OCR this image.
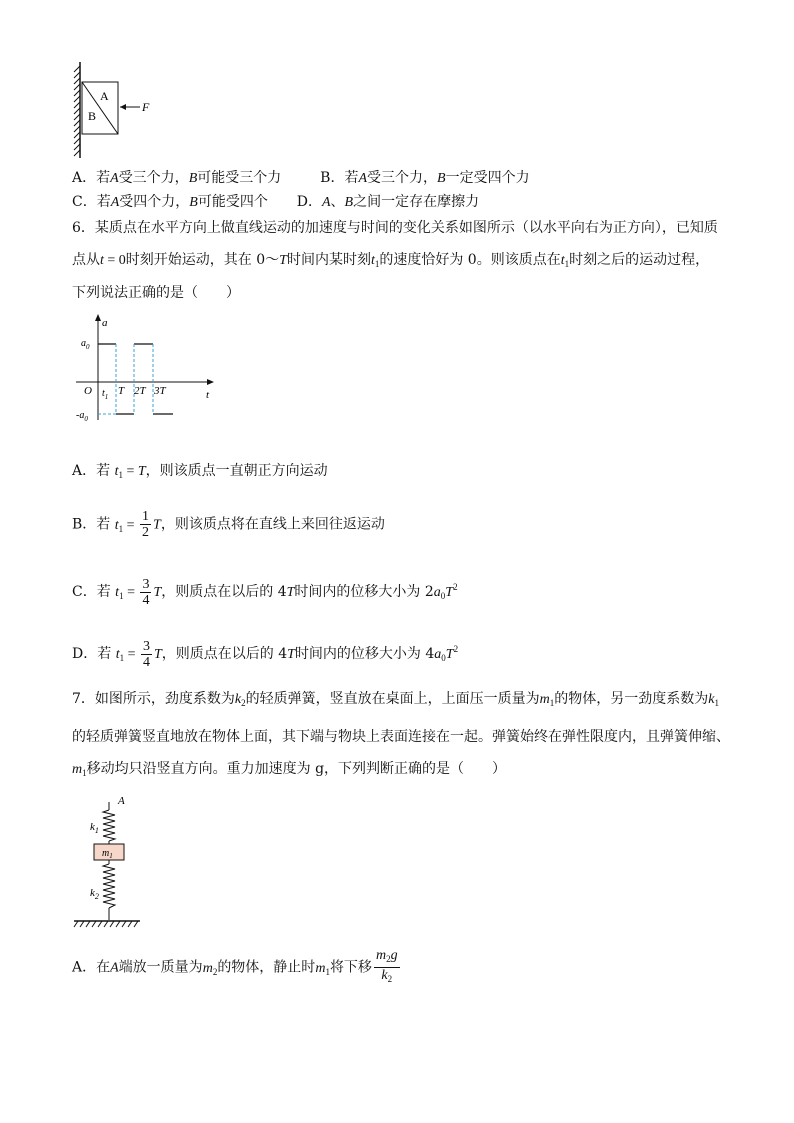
A
B
F
A．若A受三个力，B可能受三个力	B．若A受三个力，B一定受四个力
C．若A受四个力，B可能受四个 D．A、B之间一定存在摩擦力
6．某质点在水平方向上做直线运动的加速度与时间的变化关系如图所示（以水平向右为正方向），已知质
点从t = 0时刻开始运动，其在 0～T时间内某时刻$t_1$的速度恰好为 0。则该质点在$t_1$时刻之后的运动过程，
下列说法正确的是（　　）
a
$a_0$
$-a_0$
O $t_1$ T 2T 3T	t
A．若 $t_1 = T$，则该质点一直朝正方向运动
B．若 $t_1 = \frac{1}{2}$ T，则该质点将在直线上来回往返运动
C．若 $t_1 = \frac{3}{4}$ T，则质点在以后的 4T时间内的位移大小为 $2a_0T^2$
D．若 $t_1 = \frac{3}{4}$ T，则质点在以后的 4T时间内的位移大小为 $4a_0T^2$
7．如图所示，劲度系数为$k_2$的轻质弹簧，竖直放在桌面上，上面压一质量为$m_1$的物体，另一劲度系数为$k_1$
的轻质弹簧竖直地放在物体上面，其下端与物块上表面连接在一起。弹簧始终在弹性限度内，且弹簧伸缩、
$m_1$移动均只沿竖直方向。重力加速度为 g，下列判断正确的是（　　）
A
$k_1$
$m_1$
$k_2$
A．在A端放一质量为$m_2$的物体，静止时$m_1$将下移 $\frac{m_2g}{k_2}$
